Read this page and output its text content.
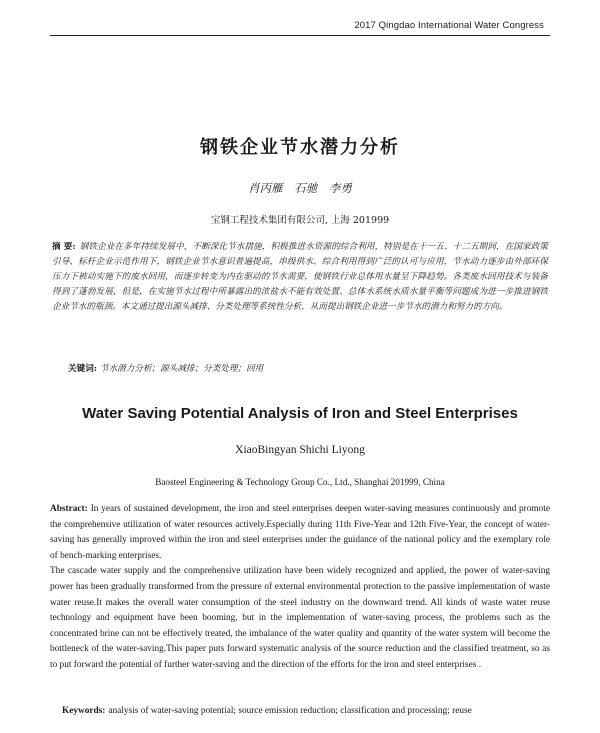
2017 Qingdao International Water Congress
钢铁企业节水潜力分析
肖丙雁 石驰 李勇
宝钢工程技术集团有限公司, 上海 201999
摘 要: 钢铁企业在多年持续发展中，不断深化节水措施，积极推进水资源的综合利用，特别是在十一五、十二五期间，在国家政策引导、标杆企业示范作用下，钢铁企业节水意识普遍提高，串级供水、综合利用得到广泛的认可与应用，节水动力逐步由外部环保压力下被动实施下的废水回用，而逐步转变为内在驱动的节水需要，使钢铁行业总体用水量呈下降趋势。各类废水回用技术与装备得到了蓬勃发展，但是，在实施节水过程中所暴露出的浓盐水不能有效处置、总体水系统水质水量平衡等问题成为进一步推进钢铁企业节水的瓶颈。本文通过提出源头减排、分类处理等系统性分析，从而提出钢铁企业进一步节水的潜力和努力的方向。
关键词: 节水潜力分析；源头减排；分类处理；回用
Water Saving Potential Analysis of Iron and Steel Enterprises
XiaoBingyan Shichi Liyong
Baosteel Engineering & Technology Group Co., Ltd., Shanghai 201999, China

Abstract: In years of sustained development, the iron and steel enterprises deepen water-saving measures continuously and promote the comprehensive utilization of water resources actively.Especially during 11th Five-Year and 12th Five-Year, the concept of water-saving has generally improved within the iron and steel enterprises under the guidance of the national policy and the exemplary role of bench-marking enterprises.

The cascade water supply and the comprehensive utilization have been widely recognized and applied, the power of water-saving power has been gradually transformed from the pressure of external environmental protection to the passive implementation of waste water reuse.It makes the overall water consumption of the steel industry on the downward trend. All kinds of waste water reuse technology and equipment have been booming, but in the implementation of water-saving process, the problems such as the concentrated brine can not be effectively treated, the imbalance of the water quality and quantity of the water system will become the bottleneck of the water-saving.This paper puts forward systematic analysis of the source reduction and the classified treatment, so as to put forward the potential of further water-saving and the direction of the efforts for the iron and steel enterprises .

Keywords: analysis of water-saving potential; source emission reduction; classification and processing; reuse
